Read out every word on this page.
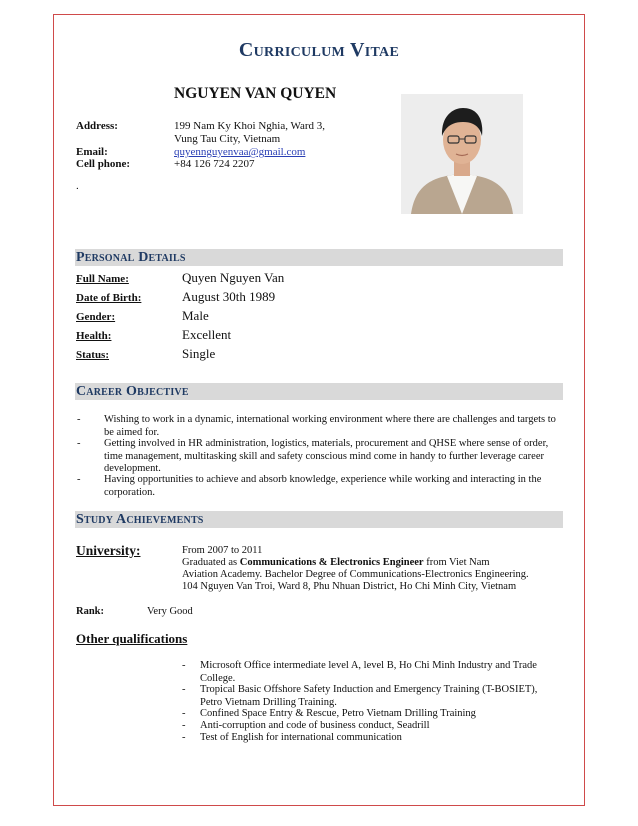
Curriculum Vitae
NGUYEN VAN QUYEN
Address:	199 Nam Ky Khoi Nghia, Ward 3,
Vung Tau City, Vietnam
Email:	quyennguyenvaa@gmail.com
Cell phone:	+84 126 724 2207
.
Personal Details
Full Name:	Quyen Nguyen Van
Date of Birth:	August 30th 1989
Gender:	Male
Health:	Excellent
Status:	Single
Career Objective
- Wishing to work in a dynamic, international working environment where there are challenges and targets to be aimed for.
- Getting involved in HR administration, logistics, materials, procurement and QHSE where sense of order, time management, multitasking skill and safety conscious mind come in handy to further leverage career development.
- Having opportunities to achieve and absorb knowledge, experience while working and interacting in the corporation.
Study Achievements
University:	From 2007 to 2011
Graduated as Communications & Electronics Engineer from Viet Nam
Aviation Academy. Bachelor Degree of Communications-Electronics Engineering.
104 Nguyen Van Troi, Ward 8, Phu Nhuan District, Ho Chi Minh City, Vietnam
Rank:	Very Good
Other qualifications
- Microsoft Office intermediate level A, level B, Ho Chi Minh Industry and Trade College.
- Tropical Basic Offshore Safety Induction and Emergency Training (T-BOSIET), Petro Vietnam Drilling Training.
- Confined Space Entry & Rescue, Petro Vietnam Drilling Training
- Anti-corruption and code of business conduct, Seadrill
- Test of English for international communication
